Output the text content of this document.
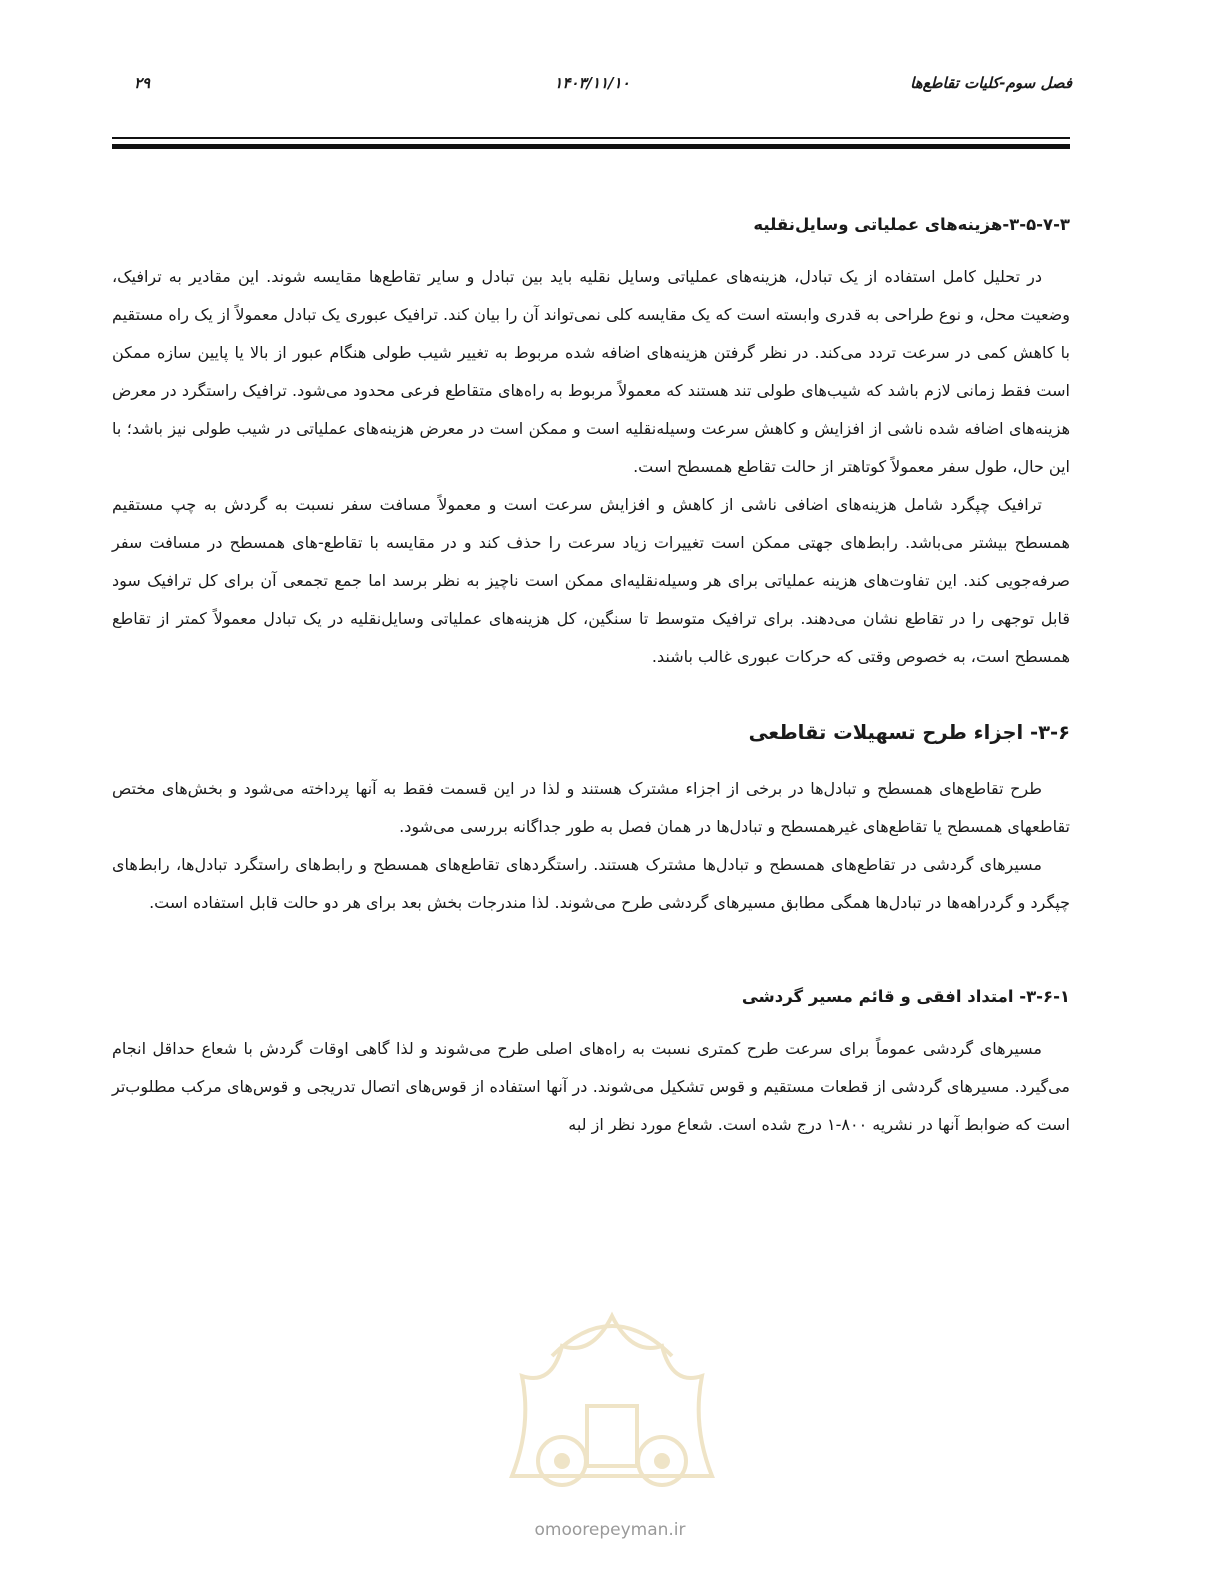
فصل سوم-کلیات تقاطع‌ها
۱۴۰۳/۱۱/۱۰
۲۹
۳-۵-۷-۳-هزینه‌های عملیاتی وسایل‌نقلیه

در تحلیل کامل استفاده از یک تبادل، هزینه‌های عملیاتی وسایل نقلیه باید بین تبادل و سایر تقاطع‌ها مقایسه شوند. این مقادیر به ترافیک، وضعیت محل، و نوع طراحی به قدری وابسته است که یک مقایسه کلی نمی‌تواند آن را بیان کند. ترافیک عبوری یک تبادل معمولاً از یک راه مستقیم با کاهش کمی در سرعت تردد می‌کند. در نظر گرفتن هزینه‌های اضافه شده مربوط به تغییر شیب طولی هنگام عبور از بالا یا پایین سازه ممکن است فقط زمانی لازم باشد که شیب‌های طولی تند هستند که معمولاً مربوط به راه‌های متقاطع فرعی محدود می‌شود. ترافیک راستگرد در معرض هزینه‌های اضافه شده ناشی از افزایش و کاهش سرعت وسیله‌نقلیه است و ممکن است در معرض هزینه‌های عملیاتی در شیب طولی نیز باشد؛ با این حال، طول سفر معمولاً کوتاهتر از حالت تقاطع همسطح است.

ترافیک چپگرد شامل هزینه‌های اضافی ناشی از کاهش و افزایش سرعت است و معمولاً مسافت سفر نسبت به گردش به چپ مستقیم همسطح بیشتر می‌باشد. رابط‌های جهتی ممکن است تغییرات زیاد سرعت را حذف کند و در مقایسه با تقاطع-های همسطح در مسافت سفر صرفه‌جویی کند. این تفاوت‌های هزینه عملیاتی برای هر وسیله‌نقلیه‌ای ممکن است ناچیز به نظر برسد اما جمع تجمعی آن برای کل ترافیک سود قابل توجهی را در تقاطع نشان می‌دهند. برای ترافیک متوسط تا سنگین، کل هزینه‌های عملیاتی وسایل‌نقلیه در یک تبادل معمولاً کمتر از تقاطع همسطح است، به خصوص وقتی که حرکات عبوری غالب باشند.

۳-۶- اجزاء طرح تسهیلات تقاطعی

طرح تقاطع‌های همسطح و تبادل‌ها در برخی از اجزاء مشترک هستند و لذا در این قسمت فقط به آنها پرداخته می‌شود و بخش‌های مختص تقاطعهای همسطح یا تقاطع‌های غیرهمسطح و تبادل‌ها در همان فصل به طور جداگانه بررسی می‌شود.

مسیرهای گردشی در تقاطع‌های همسطح و تبادل‌ها مشترک هستند. راستگردهای تقاطع‌های همسطح و رابط‌های راستگرد تبادل‌ها، رابط‌های چپگرد و گردراهه‌ها در تبادل‌ها همگی مطابق مسیرهای گردشی طرح می‌شوند. لذا مندرجات بخش بعد برای هر دو حالت قابل استفاده است.

۳-۶-۱- امتداد افقی و قائم مسیر گردشی

مسیرهای گردشی عموماً برای سرعت طرح کمتری نسبت به راه‌های اصلی طرح می‌شوند و لذا گاهی اوقات گردش با شعاع حداقل انجام می‌گیرد. مسیرهای گردشی از قطعات مستقیم و قوس تشکیل می‌شوند. در آنها استفاده از قوس‌های اتصال تدریجی و قوس‌های مرکب مطلوب‌تر است که ضوابط آنها در نشریه ۸۰۰-۱ درج شده است. شعاع مورد نظر از لبه

omoorepeyman.ir
